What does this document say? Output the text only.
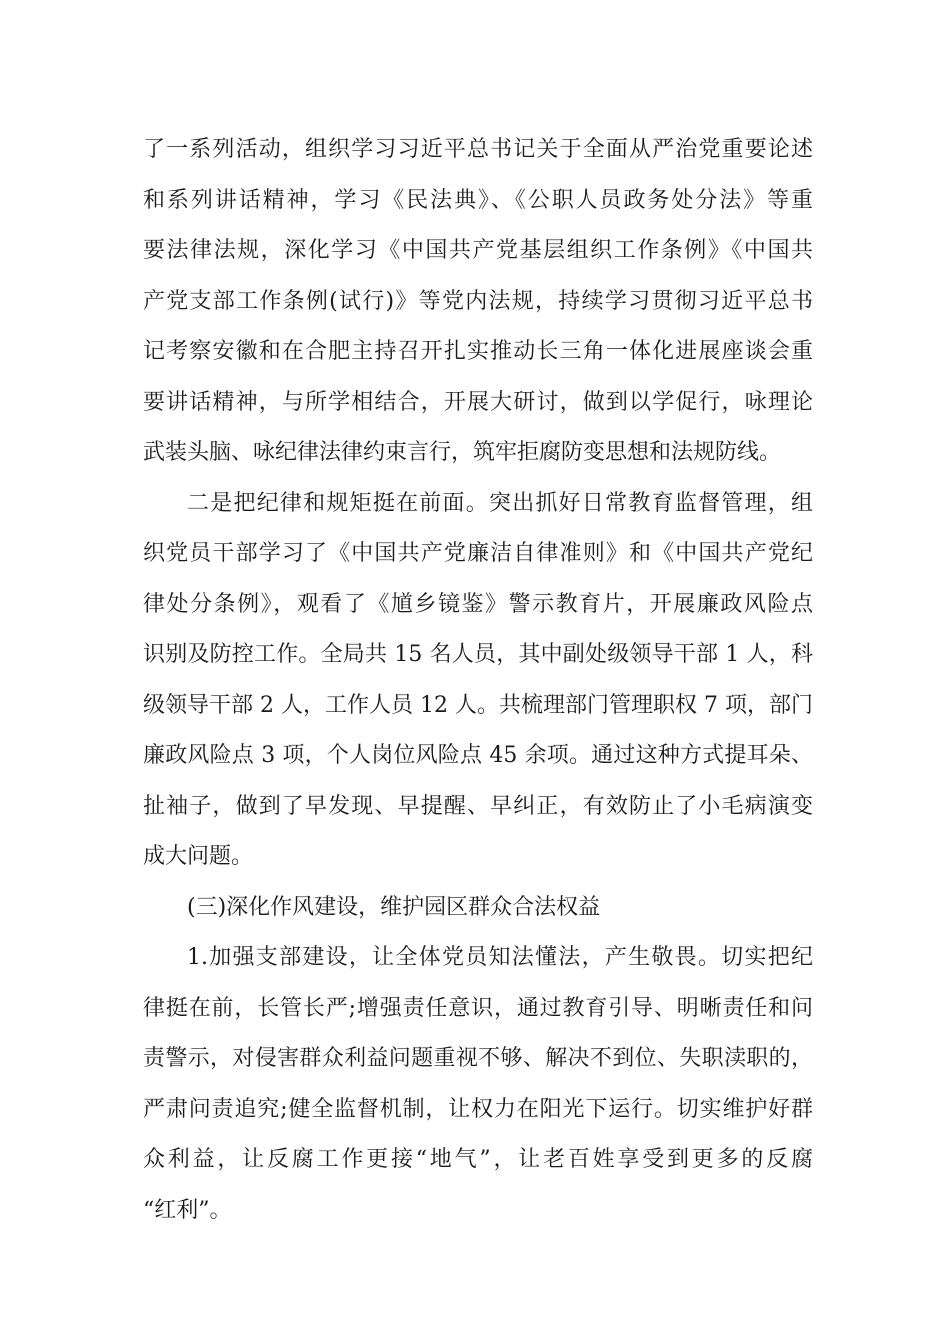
了一系列活动，组织学习习近平总书记关于全面从严治党重要论述
和系列讲话精神，学习《民法典》、《公职人员政务处分法》等重
要法律法规，深化学习《中国共产党基层组织工作条例》《中国共
产党支部工作条例(试行)》等党内法规，持续学习贯彻习近平总书
记考察安徽和在合肥主持召开扎实推动长三角一体化进展座谈会重
要讲话精神，与所学相结合，开展大研讨，做到以学促行，咏理论
武装头脑、咏纪律法律约束言行，筑牢拒腐防变思想和法规防线。
二是把纪律和规矩挺在前面。突出抓好日常教育监督管理，组
织党员干部学习了《中国共产党廉洁自律准则》和《中国共产党纪
律处分条例》，观看了《馗乡镜鉴》警示教育片，开展廉政风险点
识别及防控工作。全局共 15 名人员，其中副处级领导干部 1 人，科
级领导干部 2 人，工作人员 12 人。共梳理部门管理职权 7 项，部门
廉政风险点 3 项，个人岗位风险点 45 余项。通过这种方式提耳朵、
扯袖子，做到了早发现、早提醒、早纠正，有效防止了小毛病演变
成大问题。
(三)深化作风建设，维护园区群众合法权益
1.加强支部建设，让全体党员知法懂法，产生敬畏。切实把纪
律挺在前，长管长严;增强责任意识，通过教育引导、明晰责任和问
责警示，对侵害群众利益问题重视不够、解决不到位、失职渎职的，
严肃问责追究;健全监督机制，让权力在阳光下运行。切实维护好群
众利益，让反腐工作更接“地气”，让老百姓享受到更多的反腐
“红利”。
